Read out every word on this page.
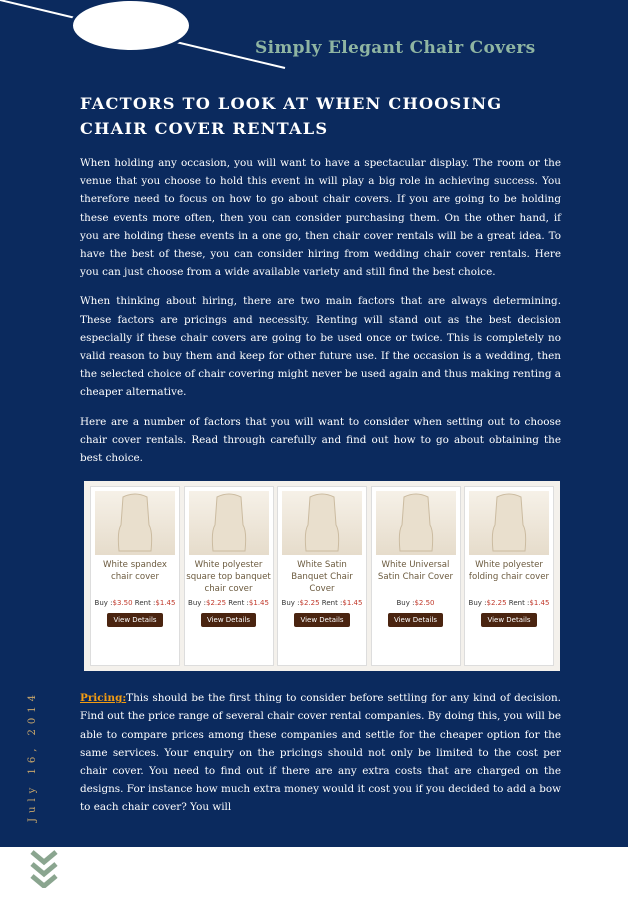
Simply Elegant Chair Covers
FACTORS TO LOOK AT WHEN CHOOSING
CHAIR COVER RENTALS

When holding any occasion, you will want to have a spectacular display. The room or the venue that you choose to hold this event in will play a big role in achieving success. You therefore need to focus on how to go about chair covers. If you are going to be holding these events more often, then you can consider purchasing them. On the other hand, if you are holding these events in a one go, then chair cover rentals will be a great idea. To have the best of these, you can consider hiring from wedding chair cover rentals. Here you can just choose from a wide available variety and still find the best choice.

When thinking about hiring, there are two main factors that are always determining. These factors are pricings and necessity. Renting will stand out as the best decision especially if these chair covers are going to be used once or twice. This is completely no valid reason to buy them and keep for other future use. If the occasion is a wedding, then the selected choice of chair covering might never be used again and thus making renting a cheaper alternative.

Here are a number of factors that you will want to consider when setting out to choose chair cover rentals. Read through carefully and find out how to go about obtaining the best choice.

White spandex chair cover
Buy :$3.50 Rent :$1.45
View Details
White polyester square top banquet chair cover
Buy :$2.25 Rent :$1.45
View Details
White Satin Banquet Chair Cover
Buy :$2.25 Rent :$1.45
View Details
White Universal Satin Chair Cover
Buy :$2.50
View Details
White polyester folding chair cover
Buy :$2.25 Rent :$1.45
View Details

Pricing:This should be the first thing to consider before settling for any kind of decision. Find out the price range of several chair cover rental companies. By doing this, you will be able to compare prices among these companies and settle for the cheaper option for the same services. Your enquiry on the pricings should not only be limited to the cost per chair cover. You need to find out if there are any extra costs that are charged on the designs. For instance how much extra money would it cost you if you decided to add a bow to each chair cover? You will

July 16, 2014
